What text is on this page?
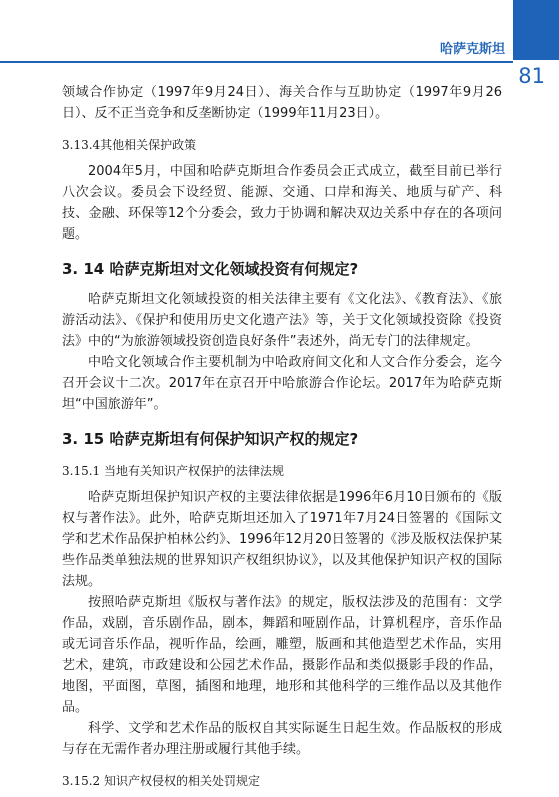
哈萨克斯坦
81

领域合作协定（1997年9月24日）、海关合作与互助协定（1997年9月26日）、反不正当竞争和反垄断协定（1999年11月23日）。

3.13.4其他相关保护政策

2004年5月，中国和哈萨克斯坦合作委员会正式成立，截至目前已举行八次会议。委员会下设经贸、能源、交通、口岸和海关、地质与矿产、科技、金融、环保等12个分委会，致力于协调和解决双边关系中存在的各项问题。

3. 14 哈萨克斯坦对文化领域投资有何规定?

哈萨克斯坦文化领域投资的相关法律主要有《文化法》、《教育法》、《旅游活动法》、《保护和使用历史文化遗产法》等，关于文化领域投资除《投资法》中的“为旅游领域投资创造良好条件”表述外，尚无专门的法律规定。

中哈文化领域合作主要机制为中哈政府间文化和人文合作分委会，迄今召开会议十二次。2017年在京召开中哈旅游合作论坛。2017年为哈萨克斯坦“中国旅游年”。

3. 15 哈萨克斯坦有何保护知识产权的规定?

3.15.1 当地有关知识产权保护的法律法规

哈萨克斯坦保护知识产权的主要法律依据是1996年6月10日颁布的《版权与著作法》。此外，哈萨克斯坦还加入了1971年7月24日签署的《国际文学和艺术作品保护柏林公约》、1996年12月20日签署的《涉及版权法保护某些作品类单独法规的世界知识产权组织协议》，以及其他保护知识产权的国际法规。

按照哈萨克斯坦《版权与著作法》的规定，版权法涉及的范围有：文学作品，戏剧，音乐剧作品，剧本，舞蹈和哑剧作品，计算机程序，音乐作品或无词音乐作品，视听作品，绘画，雕塑，版画和其他造型艺术作品，实用艺术，建筑，市政建设和公园艺术作品，摄影作品和类似摄影手段的作品，地图，平面图，草图，插图和地理，地形和其他科学的三维作品以及其他作品。

科学、文学和艺术作品的版权自其实际诞生日起生效。作品版权的形成与存在无需作者办理注册或履行其他手续。

3.15.2 知识产权侵权的相关处罚规定
